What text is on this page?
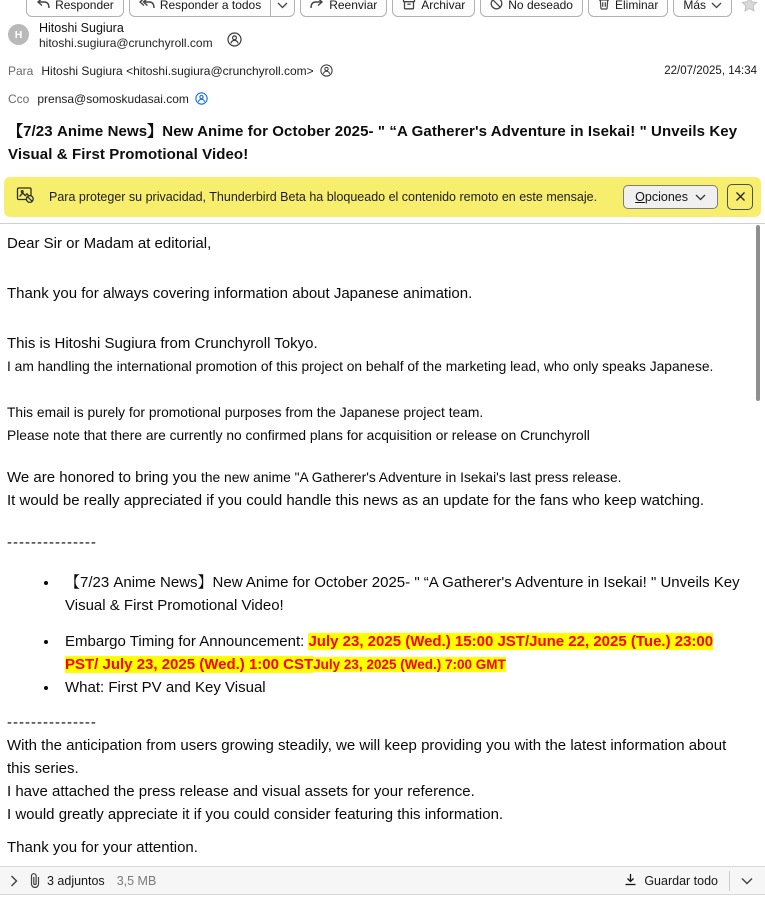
Responder	Responder a todos	Reenviar	Archivar	No deseado	Eliminar Más
H	Hitoshi Sugiura
hitoshi.sugiura@crunchyroll.com
Para Hitoshi Sugiura <hitoshi.sugiura@crunchyroll.com>	22/07/2025, 14:34
Cco prensa@somoskudasai.com
【7/23 Anime News】New Anime for October 2025- " “A Gatherer's Adventure in Isekai! " Unveils Key Visual & First Promotional Video!
Para proteger su privacidad, Thunderbird Beta ha bloqueado el contenido remoto en este mensaje.	Opciones

Dear Sir or Madam at editorial,

Thank you for always covering information about Japanese animation.

This is Hitoshi Sugiura from Crunchyroll Tokyo.
I am handling the international promotion of this project on behalf of the marketing lead, who only speaks Japanese.
This email is purely for promotional purposes from the Japanese project team.
Please note that there are currently no confirmed plans for acquisition or release on Crunchyroll
We are honored to bring you the new anime "A Gatherer's Adventure in Isekai's last press release.
It would be really appreciated if you could handle this news as an update for the fans who keep watching.
---------------
• 【7/23 Anime News】New Anime for October 2025- " “A Gatherer's Adventure in Isekai! " Unveils Key Visual & First Promotional Video!
• Embargo Timing for Announcement: July 23, 2025 (Wed.) 15:00 JST/June 22, 2025 (Tue.) 23:00 PST/ July 23, 2025 (Wed.) 1:00 CSTJuly 23, 2025 (Wed.) 7:00 GMT
• What: First PV and Key Visual
---------------
With the anticipation from users growing steadily, we will keep providing you with the latest information about this series.
I have attached the press release and visual assets for your reference.
I would greatly appreciate it if you could consider featuring this information.
Thank you for your attention.
3 adjuntos 3,5 MB	Guardar todo
